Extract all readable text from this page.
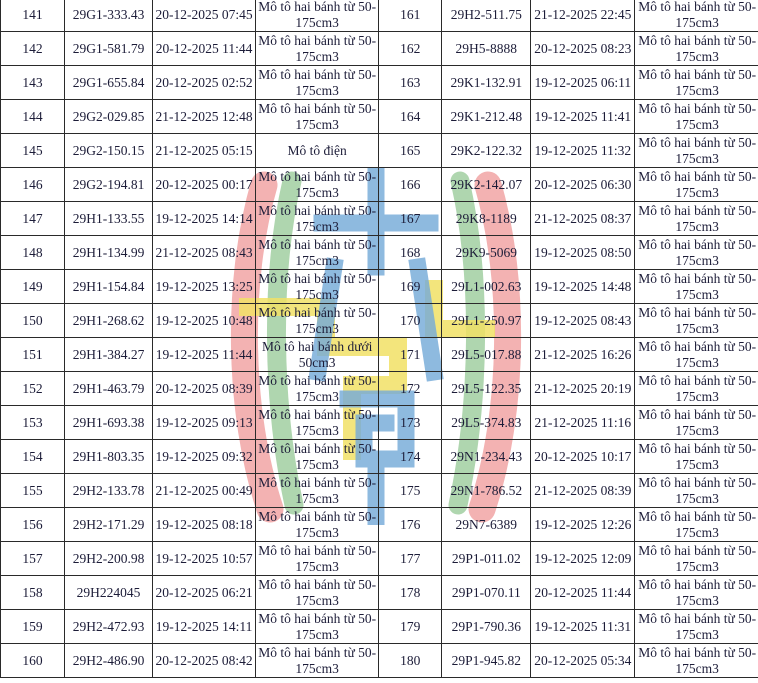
141	29G1-333.43	20-12-2025 07:45	Mô tô hai bánh từ 50-175cm3	161	29H2-511.75	21-12-2025 22:45	Mô tô hai bánh từ 50-175cm3
142	29G1-581.79	20-12-2025 11:44	Mô tô hai bánh từ 50-175cm3	162	29H5-8888	20-12-2025 08:23	Mô tô hai bánh từ 50-175cm3
143	29G1-655.84	20-12-2025 02:52	Mô tô hai bánh từ 50-175cm3	163	29K1-132.91	19-12-2025 06:11	Mô tô hai bánh từ 50-175cm3
144	29G2-029.85	21-12-2025 12:48	Mô tô hai bánh từ 50-175cm3	164	29K1-212.48	19-12-2025 11:41	Mô tô hai bánh từ 50-175cm3
145	29G2-150.15	21-12-2025 05:15	Mô tô điện	165	29K2-122.32	19-12-2025 11:32	Mô tô hai bánh từ 50-175cm3
146	29G2-194.81	20-12-2025 00:17	Mô tô hai bánh từ 50-175cm3	166	29K2-142.07	20-12-2025 06:30	Mô tô hai bánh từ 50-175cm3
147	29H1-133.55	19-12-2025 14:14	Mô tô hai bánh từ 50-175cm3	167	29K8-1189	21-12-2025 08:37	Mô tô hai bánh từ 50-175cm3
148	29H1-134.99	21-12-2025 08:43	Mô tô hai bánh từ 50-175cm3	168	29K9-5069	19-12-2025 08:50	Mô tô hai bánh từ 50-175cm3
149	29H1-154.84	19-12-2025 13:25	Mô tô hai bánh từ 50-175cm3	169	29L1-002.63	19-12-2025 14:48	Mô tô hai bánh từ 50-175cm3
150	29H1-268.62	19-12-2025 10:48	Mô tô hai bánh từ 50-175cm3	170	29L1-250.97	19-12-2025 08:43	Mô tô hai bánh từ 50-175cm3
151	29H1-384.27	19-12-2025 11:44	Mô tô hai bánh dưới 50cm3	171	29L5-017.88	21-12-2025 16:26	Mô tô hai bánh từ 50-175cm3
152	29H1-463.79	20-12-2025 08:39	Mô tô hai bánh từ 50-175cm3	172	29L5-122.35	21-12-2025 20:19	Mô tô hai bánh từ 50-175cm3
153	29H1-693.38	19-12-2025 09:13	Mô tô hai bánh từ 50-175cm3	173	29L5-374.83	21-12-2025 11:16	Mô tô hai bánh từ 50-175cm3
154	29H1-803.35	19-12-2025 09:32	Mô tô hai bánh từ 50-175cm3	174	29N1-234.43	20-12-2025 10:17	Mô tô hai bánh từ 50-175cm3
155	29H2-133.78	21-12-2025 00:49	Mô tô hai bánh từ 50-175cm3	175	29N1-786.52	21-12-2025 08:39	Mô tô hai bánh từ 50-175cm3
156	29H2-171.29	19-12-2025 08:18	Mô tô hai bánh từ 50-175cm3	176	29N7-6389	19-12-2025 12:26	Mô tô hai bánh từ 50-175cm3
157	29H2-200.98	19-12-2025 10:57	Mô tô hai bánh từ 50-175cm3	177	29P1-011.02	19-12-2025 12:09	Mô tô hai bánh từ 50-175cm3
158	29H224045	20-12-2025 06:21	Mô tô hai bánh từ 50-175cm3	178	29P1-070.11	20-12-2025 11:44	Mô tô hai bánh từ 50-175cm3
159	29H2-472.93	19-12-2025 14:11	Mô tô hai bánh từ 50-175cm3	179	29P1-790.36	19-12-2025 11:31	Mô tô hai bánh từ 50-175cm3
160	29H2-486.90	20-12-2025 08:42	Mô tô hai bánh từ 50-175cm3	180	29P1-945.82	20-12-2025 05:34	Mô tô hai bánh từ 50-175cm3
